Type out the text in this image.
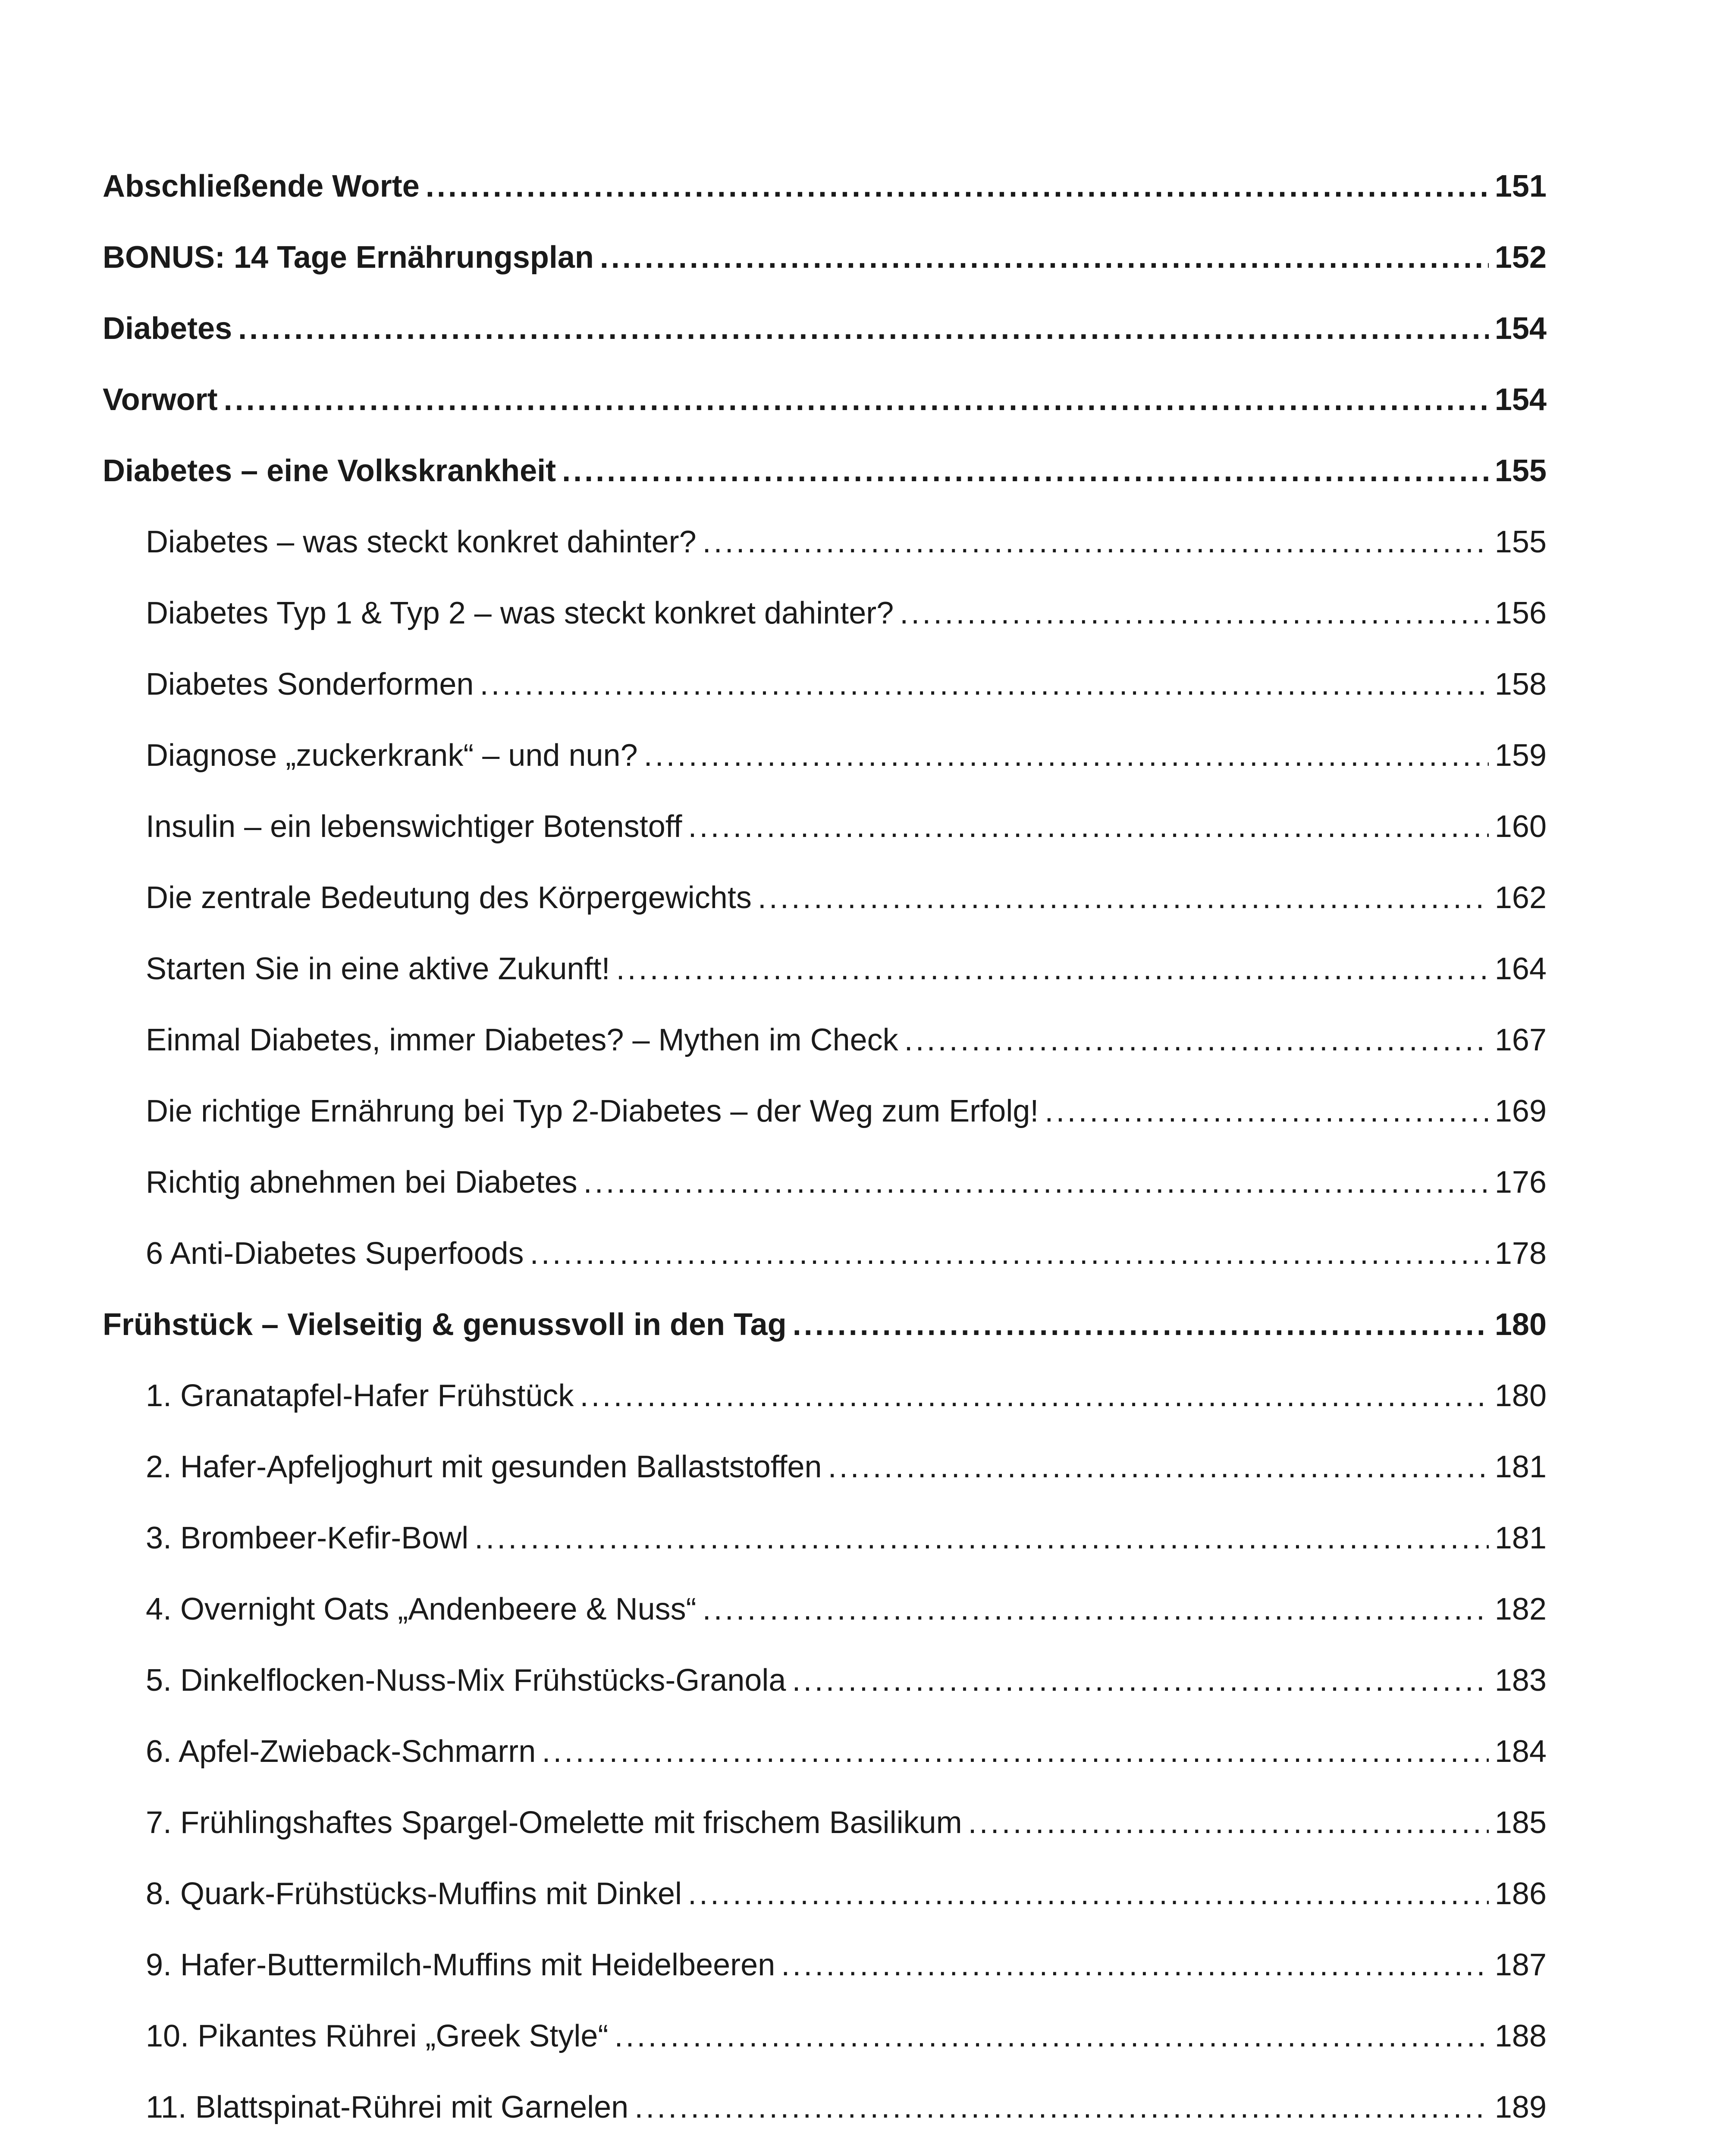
Abschließende Worte .....	151
BONUS: 14 Tage Ernährungsplan .....	152
Diabetes .....	154
Vorwort .....	154
Diabetes – eine Volkskrankheit .....	155
Diabetes – was steckt konkret dahinter? .....	155
Diabetes Typ 1 & Typ 2 – was steckt konkret dahinter? .....	156
Diabetes Sonderformen .....	158
Diagnose „zuckerkrank“ – und nun? .....	159
Insulin – ein lebenswichtiger Botenstoff .....	160
Die zentrale Bedeutung des Körpergewichts .....	162
Starten Sie in eine aktive Zukunft! .....	164
Einmal Diabetes, immer Diabetes? – Mythen im Check .....	167
Die richtige Ernährung bei Typ 2-Diabetes – der Weg zum Erfolg! .....	169
Richtig abnehmen bei Diabetes .....	176
6 Anti-Diabetes Superfoods .....	178
Frühstück – Vielseitig & genussvoll in den Tag .....	180
1. Granatapfel-Hafer Frühstück .....	180
2. Hafer-Apfeljoghurt mit gesunden Ballaststoffen .....	181
3. Brombeer-Kefir-Bowl .....	181
4. Overnight Oats „Andenbeere & Nuss“ .....	182
5. Dinkelflocken-Nuss-Mix Frühstücks-Granola .....	183
6. Apfel-Zwieback-Schmarrn .....	184
7. Frühlingshaftes Spargel-Omelette mit frischem Basilikum .....	185
8. Quark-Frühstücks-Muffins mit Dinkel .....	186
9. Hafer-Buttermilch-Muffins mit Heidelbeeren .....	187
10. Pikantes Rührei „Greek Style“ .....	188
11. Blattspinat-Rührei mit Garnelen .....	189
.....
